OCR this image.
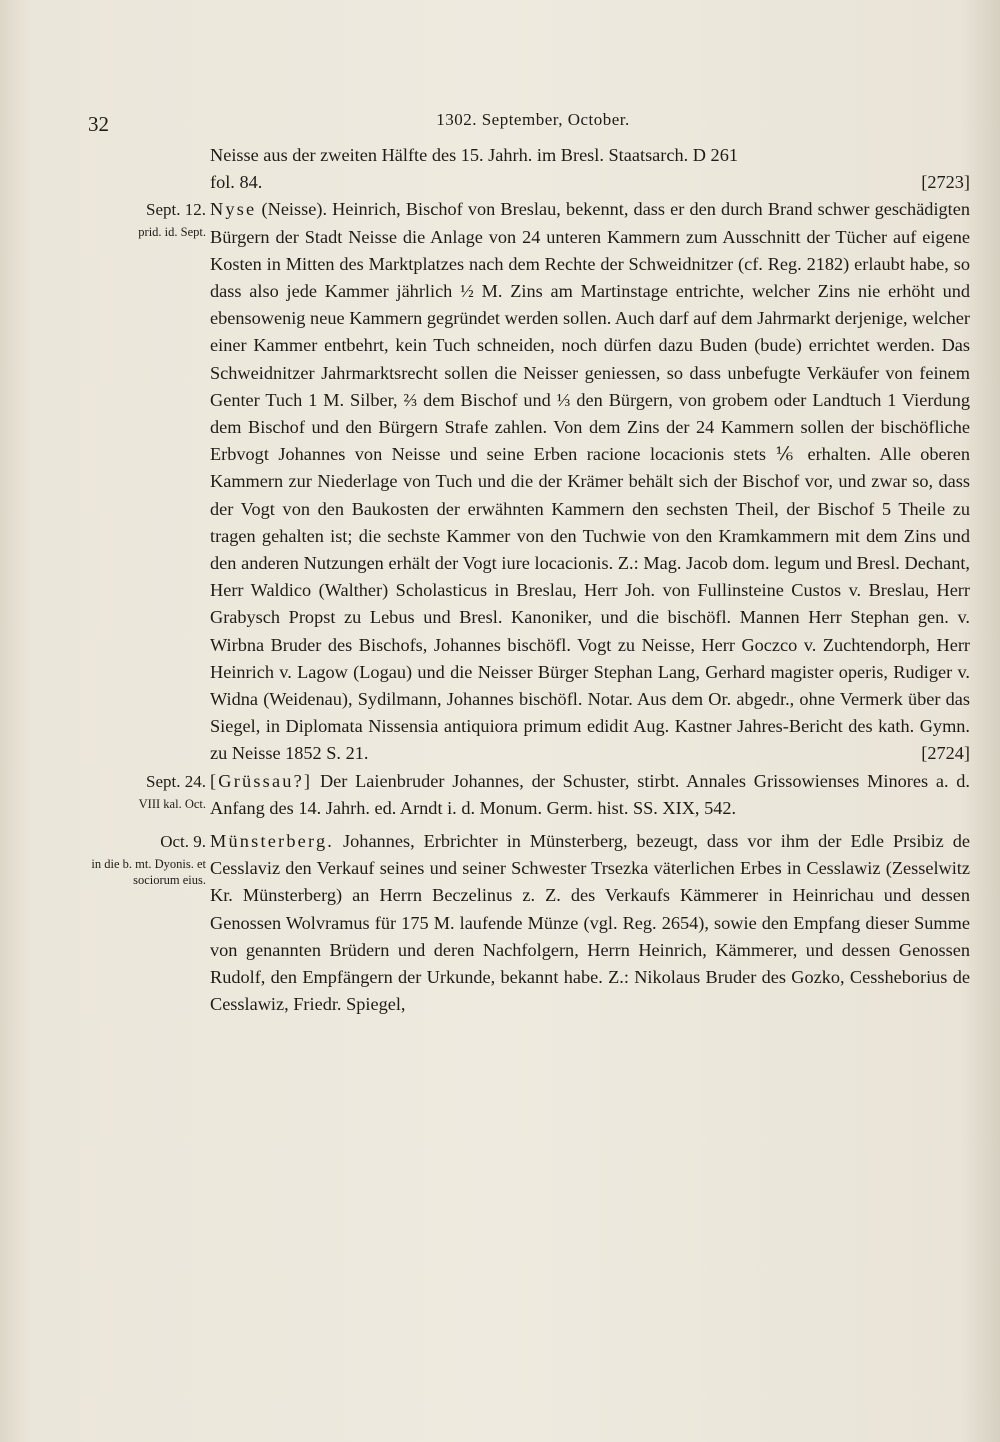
32	1302. September, October.

Neisse aus der zweiten Hälfte des 15. Jahrh. im Bresl. Staatsarch. D 261

fol. 84.	[2723]

Sept. 12.
prid. id. Sept.

Nyse (Neisse). Heinrich, Bischof von Breslau, bekennt, dass er den durch Brand schwer geschädigten Bürgern der Stadt Neisse die Anlage von 24 unteren Kammern zum Ausschnitt der Tücher auf eigene Kosten in Mitten des Marktplatzes nach dem Rechte der Schweidnitzer (cf. Reg. 2182) erlaubt habe, so dass also jede Kammer jährlich ½ M. Zins am Martinstage entrichte, welcher Zins nie erhöht und ebensowenig neue Kammern gegründet werden sollen. Auch darf auf dem Jahrmarkt derjenige, welcher einer Kammer entbehrt, kein Tuch schneiden, noch dürfen dazu Buden (bude) errichtet werden. Das Schweidnitzer Jahrmarktsrecht sollen die Neisser geniessen, so dass unbefugte Verkäufer von feinem Genter Tuch 1 M. Silber, ⅔ dem Bischof und ⅓ den Bürgern, von grobem oder Landtuch 1 Vierdung dem Bischof und den Bürgern Strafe zahlen. Von dem Zins der 24 Kammern sollen der bischöfliche Erbvogt Johannes von Neisse und seine Erben racione locacionis stets ⅙ erhalten. Alle oberen Kammern zur Niederlage von Tuch und die der Krämer behält sich der Bischof vor, und zwar so, dass der Vogt von den Baukosten der erwähnten Kammern den sechsten Theil, der Bischof 5 Theile zu tragen gehalten ist; die sechste Kammer von den Tuchwie von den Kramkammern mit dem Zins und den anderen Nutzungen erhält der Vogt iure locacionis. Z.: Mag. Jacob dom. legum und Bresl. Dechant, Herr Waldico (Walther) Scholasticus in Breslau, Herr Joh. von Fullinsteine Custos v. Breslau, Herr Grabysch Propst zu Lebus und Bresl. Kanoniker, und die bischöfl. Mannen Herr Stephan gen. v. Wirbna Bruder des Bischofs, Johannes bischöfl. Vogt zu Neisse, Herr Goczco v. Zuchtendorph, Herr Heinrich v. Lagow (Logau) und die Neisser Bürger Stephan Lang, Gerhard magister operis, Rudiger v. Widna (Weidenau), Sydilmann, Johannes bischöfl. Notar. Aus dem Or. abgedr., ohne Vermerk über das Siegel, in Diplomata Nissensia antiquiora primum edidit Aug. Kastner Jahres-Bericht des kath. Gymn. zu Neisse 1852 S. 21.	[2724]

Sept. 24.
VIII kal. Oct.

[Grüssau?] Der Laienbruder Johannes, der Schuster, stirbt. Annales Grissowienses Minores a. d. Anfang des 14. Jahrh. ed. Arndt i. d. Monum. Germ. hist. SS. XIX, 542.

Oct. 9.
in die b. mt. Dyonis. et sociorum eius.

Münsterberg. Johannes, Erbrichter in Münsterberg, bezeugt, dass vor ihm der Edle Prsibiz de Cesslaviz den Verkauf seines und seiner Schwester Trsezka väterlichen Erbes in Cesslawiz (Zesselwitz Kr. Münsterberg) an Herrn Beczelinus z. Z. des Verkaufs Kämmerer in Heinrichau und dessen Genossen Wolvramus für 175 M. laufende Münze (vgl. Reg. 2654), sowie den Empfang dieser Summe von genannten Brüdern und deren Nachfolgern, Herrn Heinrich, Kämmerer, und dessen Genossen Rudolf, den Empfängern der Urkunde, bekannt habe. Z.: Nikolaus Bruder des Gozko, Cessheborius de Cesslawiz, Friedr. Spiegel,
